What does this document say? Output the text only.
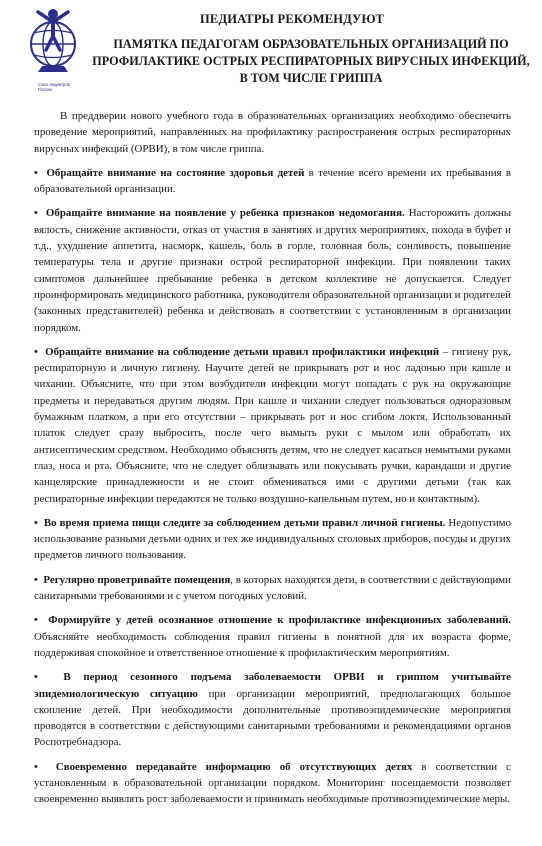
Союз педиатров России
ПЕДИАТРЫ РЕКОМЕНДУЮТ
ПАМЯТКА ПЕДАГОГАМ ОБРАЗОВАТЕЛЬНЫХ ОРГАНИЗАЦИЙ ПО ПРОФИЛАКТИКЕ ОСТРЫХ РЕСПИРАТОРНЫХ ВИРУСНЫХ ИНФЕКЦИЙ, В ТОМ ЧИСЛЕ ГРИППА

В преддверии нового учебного года в образовательных организациях необходимо обеспечить проведение мероприятий, направленных на профилактику распространения острых респираторных вирусных инфекций (ОРВИ), в том числе гриппа.

• Обращайте внимание на состояние здоровья детей в течение всего времени их пребывания в образовательной организации.

• Обращайте внимание на появление у ребенка признаков недомогания. Насторожить должны вялость, снижение активности, отказ от участия в занятиях и других мероприятиях, похода в буфет и т.д., ухудшение аппетита, насморк, кашель, боль в горле, головная боль, сонливость, повышение температуры тела и другие признаки острой респираторной инфекции. При появлении таких симптомов дальнейшее пребывание ребенка в детском коллективе не допускается. Следует проинформировать медицинского работника, руководителя образовательной организации и родителей (законных представителей) ребенка и действовать в соответствии с установленным в организации порядком.

• Обращайте внимание на соблюдение детьми правил профилактики инфекций – гигиену рук, респираторную и личную гигиену. Научите детей не прикрывать рот и нос ладонью при кашле и чихании. Объясните, что при этом возбудители инфекции могут попадать с рук на окружающие предметы и передаваться другим людям. При кашле и чихании следует пользоваться одноразовым бумажным платком, а при его отсутствии – прикрывать рот и нос сгибом локтя. Использованный платок следует сразу выбросить, после чего вымыть руки с мылом или обработать их антисептическим средством. Необходимо объяснять детям, что не следует касаться немытыми руками глаз, носа и рта. Объясните, что не следует облизывать или покусывать ручки, карандаши и другие канцелярские принадлежности и не стоит обмениваться ими с другими детьми (так как респираторные инфекции передаются не только воздушно-капельным путем, но и контактным).

• Во время приема пищи следите за соблюдением детьми правил личной гигиены. Недопустимо использование разными детьми одних и тех же индивидуальных столовых приборов, посуды и других предметов личного пользования.

• Регулярно проветривайте помещения, в которых находятся дети, в соответствии с действующими санитарными требованиями и с учетом погодных условий.

• Формируйте у детей осознанное отношение к профилактике инфекционных заболеваний. Объясняйте необходимость соблюдения правил гигиены в понятной для их возраста форме, поддерживая спокойное и ответственное отношение к профилактическим мероприятиям.

• В период сезонного подъема заболеваемости ОРВИ и гриппом учитывайте эпидемиологическую ситуацию при организации мероприятий, предполагающих большое скопление детей. При необходимости дополнительные противоэпидемические мероприятия проводятся в соответствии с действующими санитарными требованиями и рекомендациями органов Роспотребнадзора.

• Своевременно передавайте информацию об отсутствующих детях в соответствии с установленным в образовательной организации порядком. Мониторинг посещаемости позволяет своевременно выявлять рост заболеваемости и принимать необходимые противоэпидемические меры.
